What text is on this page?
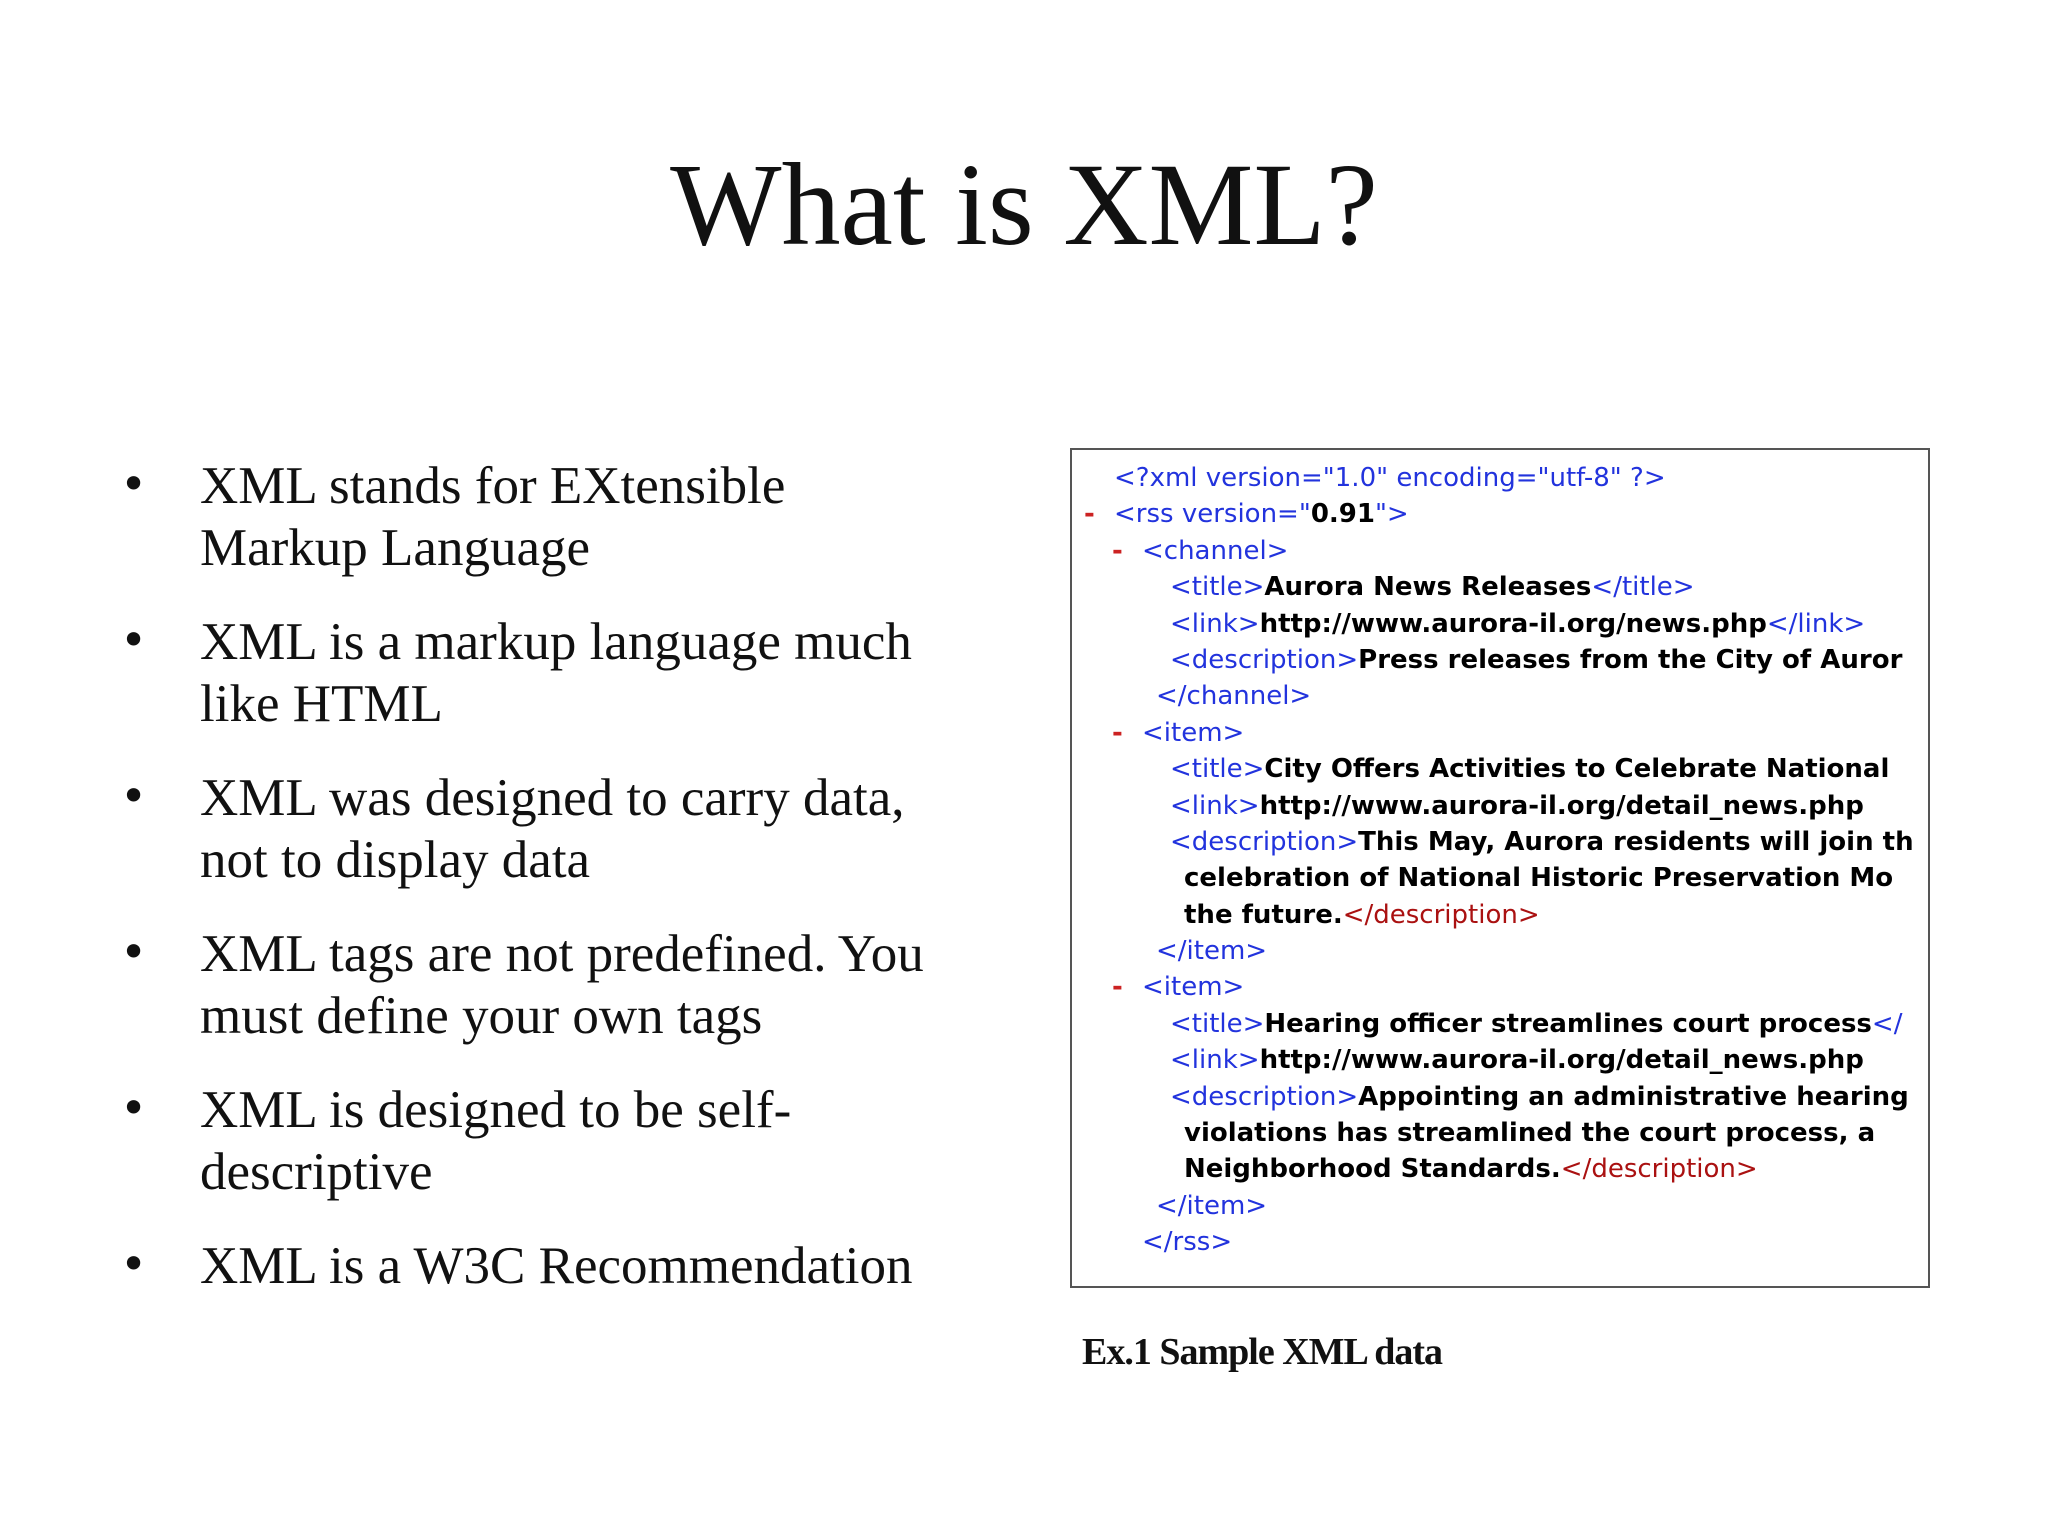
What is XML?
• XML stands for EXtensible
Markup Language
• XML is a markup language much
like HTML
• XML was designed to carry data,
not to display data
• XML tags are not predefined. You
must define your own tags
• XML is designed to be self-
descriptive
• XML is a W3C Recommendation
<?xml version="1.0" encoding="utf-8" ?>
- <rss version="0.91">
- <channel>
<title>Aurora News Releases</title>
<link>http://www.aurora-il.org/news.php</link>
<description>Press releases from the City of Auror
</channel>
- <item>
<title>City Offers Activities to Celebrate National
<link>http://www.aurora-il.org/detail_news.php
<description>This May, Aurora residents will join th
celebration of National Historic Preservation Mo
the future.</description>
</item>
- <item>
<title>Hearing officer streamlines court process</
<link>http://www.aurora-il.org/detail_news.php
<description>Appointing an administrative hearing
violations has streamlined the court process, a
Neighborhood Standards.</description>
</item>
</rss>
Ex.1 Sample XML data
